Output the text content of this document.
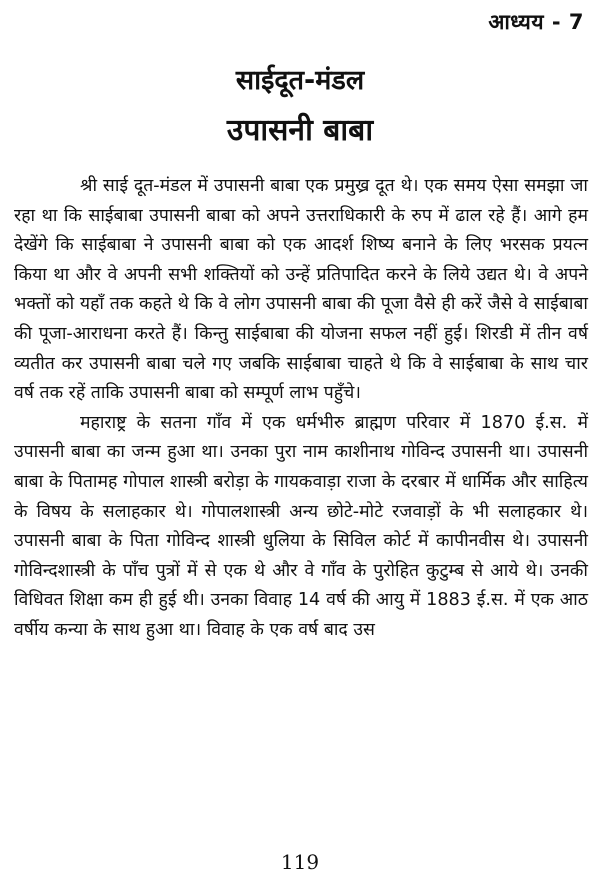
आध्यय - 7
साईदूत-मंडल
उपासनी बाबा

श्री साई दूत-मंडल में उपासनी बाबा एक प्रमुख्र दूत थे। एक समय ऐसा समझा जा रहा था कि साईबाबा उपासनी बाबा को अपने उत्तराधिकारी के रुप में ढाल रहे हैं। आगे हम देखेंगे कि साईबाबा ने उपासनी बाबा को एक आदर्श शिष्य बनाने के लिए भरसक प्रयत्न किया था और वे अपनी सभी शक्तियों को उन्हें प्रतिपादित करने के लिये उद्यत थे। वे अपने भक्तों को यहाँ तक कहते थे कि वे लोग उपासनी बाबा की पूजा वैसे ही करें जैसे वे साईबाबा की पूजा-आराधना करते हैं। किन्तु साईबाबा की योजना सफल नहीं हुई। शिरडी में तीन वर्ष व्यतीत कर उपासनी बाबा चले गए जबकि साईबाबा चाहते थे कि वे साईबाबा के साथ चार वर्ष तक रहें ताकि उपासनी बाबा को सम्पूर्ण लाभ पहुँचे।

महाराष्ट्र के सतना गाँव में एक धर्मभीरु ब्राह्मण परिवार में 1870 ई.स. में उपासनी बाबा का जन्म हुआ था। उनका पुरा नाम काशीनाथ गोविन्द उपासनी था। उपासनी बाबा के पितामह गोपाल शास्त्री बरोड़ा के गायकवाड़ा राजा के दरबार में धार्मिक और साहित्य के विषय के सलाहकार थे। गोपालशास्त्री अन्य छोटे-मोटे रजवाड़ों के भी सलाहकार थे। उपासनी बाबा के पिता गोविन्द शास्त्री धुलिया के सिविल कोर्ट में कापीनवीस थे। उपासनी गोविन्दशास्त्री के पाँच पुत्रों में से एक थे और वे गाँव के पुरोहित कुटुम्ब से आये थे। उनकी विधिवत शिक्षा कम ही हुई थी। उनका विवाह 14 वर्ष की आयु में 1883 ई.स. में एक आठ वर्षीय कन्या के साथ हुआ था। विवाह के एक वर्ष बाद उस

119
